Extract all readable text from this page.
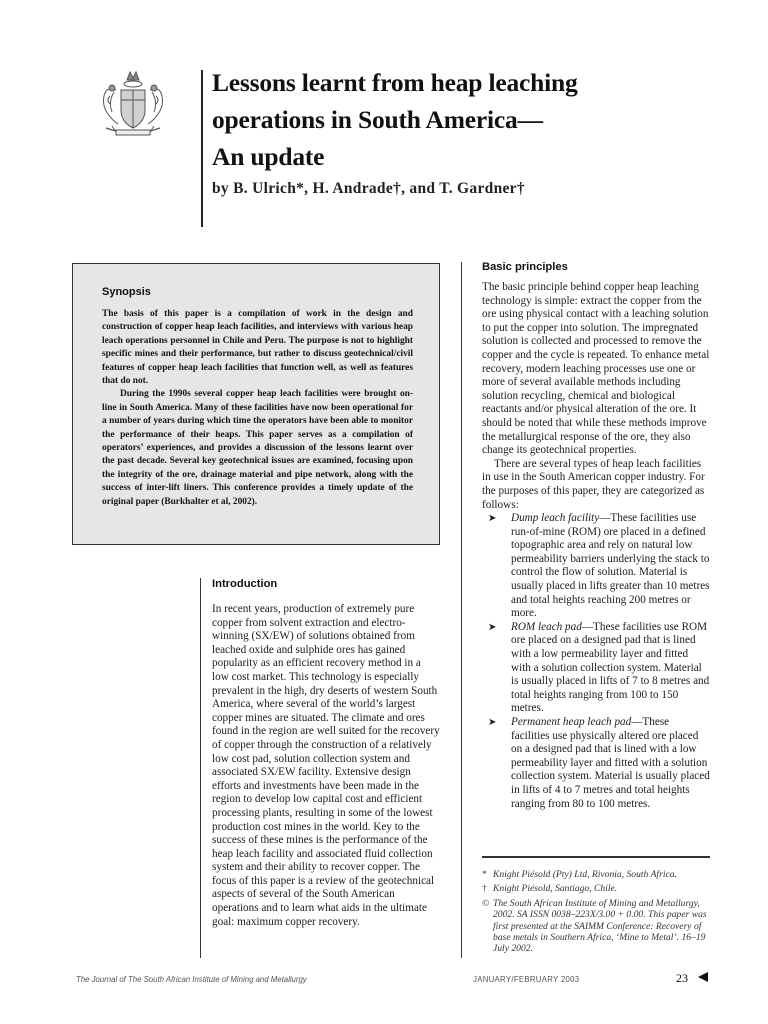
Lessons learnt from heap leaching
operations in South America—
An update

by B. Ulrich*, H. Andrade†, and T. Gardner†

Synopsis

The basis of this paper is a compilation of work in the design and construction of copper heap leach facilities, and interviews with various heap leach operations personnel in Chile and Peru. The purpose is not to highlight specific mines and their performance, but rather to discuss geotechnical/civil features of copper heap leach facilities that function well, as well as features that do not.

During the 1990s several copper heap leach facilities were brought on-line in South America. Many of these facilities have now been operational for a number of years during which time the operators have been able to monitor the performance of their heaps. This paper serves as a compilation of operators’ experiences, and provides a discussion of the lessons learnt over the past decade. Several key geotechnical issues are examined, focusing upon the integrity of the ore, drainage material and pipe network, along with the success of inter-lift liners. This conference provides a timely update of the original paper (Burkhalter et al, 2002).

Introduction

In recent years, production of extremely pure copper from solvent extraction and electro-winning (SX/EW) of solutions obtained from leached oxide and sulphide ores has gained popularity as an efficient recovery method in a low cost market. This technology is especially prevalent in the high, dry deserts of western South America, where several of the world’s largest copper mines are situated. The climate and ores found in the region are well suited for the recovery of copper through the construction of a relatively low cost pad, solution collection system and associated SX/EW facility. Extensive design efforts and investments have been made in the region to develop low capital cost and efficient processing plants, resulting in some of the lowest production cost mines in the world. Key to the success of these mines is the performance of the heap leach facility and associated fluid collection system and their ability to recover copper. The focus of this paper is a review of the geotechnical aspects of several of the South American operations and to learn what aids in the ultimate goal: maximum copper recovery.

Basic principles

The basic principle behind copper heap leaching technology is simple: extract the copper from the ore using physical contact with a leaching solution to put the copper into solution. The impregnated solution is collected and processed to remove the copper and the cycle is repeated. To enhance metal recovery, modern leaching processes use one or more of several available methods including solution recycling, chemical and biological reactants and/or physical alteration of the ore. It should be noted that while these methods improve the metallurgical response of the ore, they also change its geotechnical properties.

There are several types of heap leach facilities in use in the South American copper industry. For the purposes of this paper, they are categorized as follows:

➤ Dump leach facility—These facilities use run-of-mine (ROM) ore placed in a defined topographic area and rely on natural low permeability barriers underlying the stack to control the flow of solution. Material is usually placed in lifts greater than 10 metres and total heights reaching 200 metres or more.
➤ ROM leach pad—These facilities use ROM ore placed on a designed pad that is lined with a low permeability layer and fitted with a solution collection system. Material is usually placed in lifts of 7 to 8 metres and total heights ranging from 100 to 150 metres.
➤ Permanent heap leach pad—These facilities use physically altered ore placed on a designed pad that is lined with a low permeability layer and fitted with a solution collection system. Material is usually placed in lifts of 4 to 7 metres and total heights ranging from 80 to 100 metres.
* Knight Piésold (Pty) Ltd, Rivonia, South Africa.
† Knight Piésold, Santiago, Chile.
© The South African Institute of Mining and Metallurgy, 2002. SA ISSN 0038–223X/3.00 + 0.00. This paper was first presented at the SAIMM Conference: Recovery of base metals in Southern Africa, ‘Mine to Metal’. 16–19 July 2002.
The Journal of The South African Institute of Mining and Metallurgy	JANUARY/FEBRUARY 2003	23
